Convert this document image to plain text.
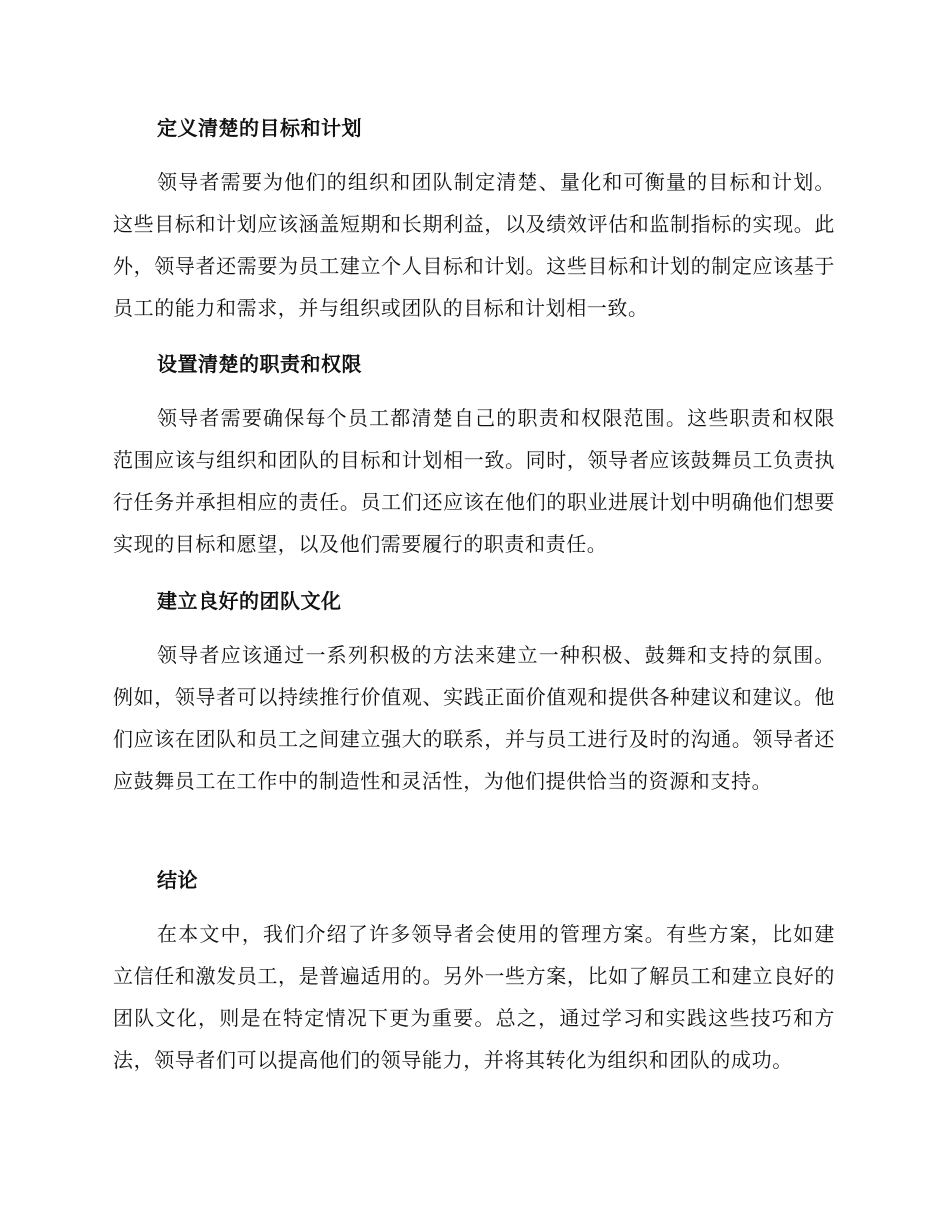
定义清楚的目标和计划

领导者需要为他们的组织和团队制定清楚、量化和可衡量的目标和计划。这些目标和计划应该涵盖短期和长期利益，以及绩效评估和监制指标的实现。此外，领导者还需要为员工建立个人目标和计划。这些目标和计划的制定应该基于员工的能力和需求，并与组织或团队的目标和计划相一致。

设置清楚的职责和权限

领导者需要确保每个员工都清楚自己的职责和权限范围。这些职责和权限范围应该与组织和团队的目标和计划相一致。同时，领导者应该鼓舞员工负责执行任务并承担相应的责任。员工们还应该在他们的职业进展计划中明确他们想要实现的目标和愿望，以及他们需要履行的职责和责任。

建立良好的团队文化

领导者应该通过一系列积极的方法来建立一种积极、鼓舞和支持的氛围。例如，领导者可以持续推行价值观、实践正面价值观和提供各种建议和建议。他们应该在团队和员工之间建立强大的联系，并与员工进行及时的沟通。领导者还应鼓舞员工在工作中的制造性和灵活性，为他们提供恰当的资源和支持。

结论

在本文中，我们介绍了许多领导者会使用的管理方案。有些方案，比如建立信任和激发员工，是普遍适用的。另外一些方案，比如了解员工和建立良好的团队文化，则是在特定情况下更为重要。总之，通过学习和实践这些技巧和方法，领导者们可以提高他们的领导能力，并将其转化为组织和团队的成功。
